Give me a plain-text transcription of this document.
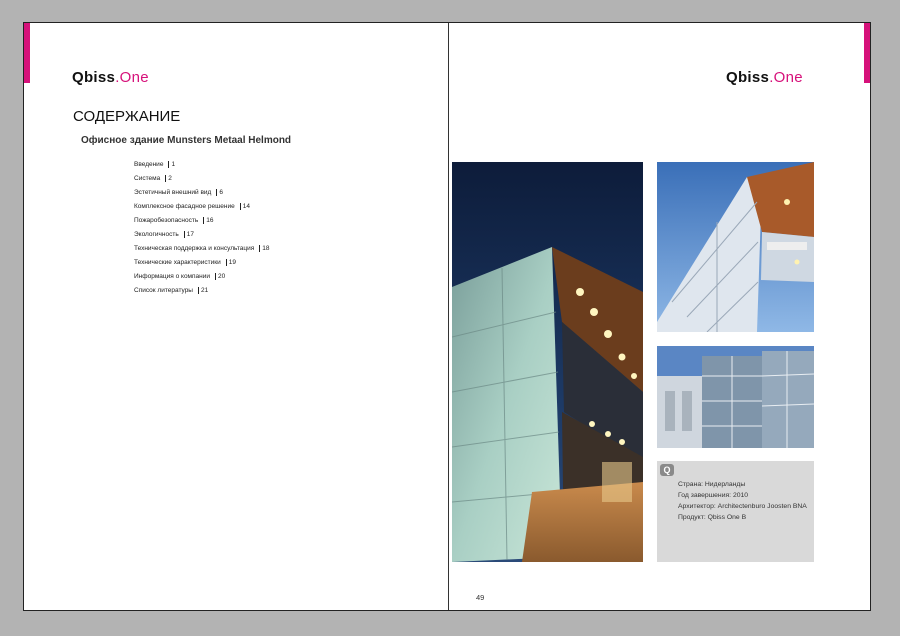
Qbiss.One
СОДЕРЖАНИЕ
Офисное здание Munsters Metaal Helmond
Введение 1
Система 2
Эстетичный внешний вид 6
Комплексное фасадное решение 14
Пожаробезопасность 16
Экологичность 17
Техническая поддержка и консультация 18
Технические характеристики 19
Информация о компании 20
Список литературы 21
Qbiss.One
Q
Страна: Нидерланды
Год завершения: 2010
Архитектор: Architectenburo Joosten BNA
Продукт: Qbiss One B
49
